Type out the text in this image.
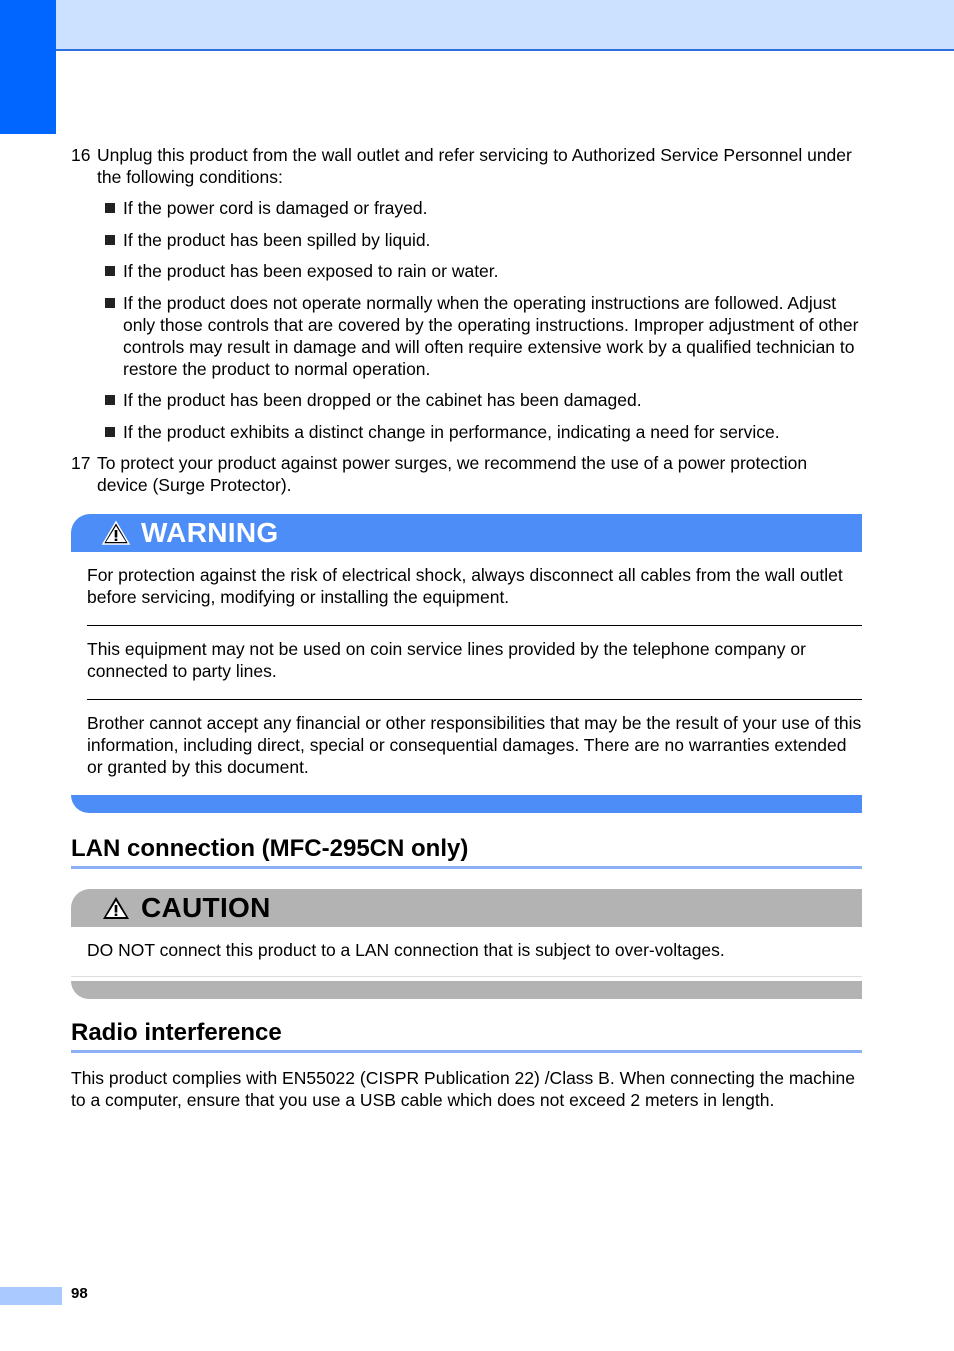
16 Unplug this product from the wall outlet and refer servicing to Authorized Service Personnel under the following conditions:
If the power cord is damaged or frayed.
If the product has been spilled by liquid.
If the product has been exposed to rain or water.
If the product does not operate normally when the operating instructions are followed. Adjust only those controls that are covered by the operating instructions. Improper adjustment of other controls may result in damage and will often require extensive work by a qualified technician to restore the product to normal operation.
If the product has been dropped or the cabinet has been damaged.
If the product exhibits a distinct change in performance, indicating a need for service.
17 To protect your product against power surges, we recommend the use of a power protection device (Surge Protector).
WARNING
For protection against the risk of electrical shock, always disconnect all cables from the wall outlet before servicing, modifying or installing the equipment.
This equipment may not be used on coin service lines provided by the telephone company or connected to party lines.
Brother cannot accept any financial or other responsibilities that may be the result of your use of this information, including direct, special or consequential damages. There are no warranties extended or granted by this document.
LAN connection (MFC-295CN only)
CAUTION
DO NOT connect this product to a LAN connection that is subject to over-voltages.
Radio interference
This product complies with EN55022 (CISPR Publication 22) /Class B. When connecting the machine to a computer, ensure that you use a USB cable which does not exceed 2 meters in length.
98
